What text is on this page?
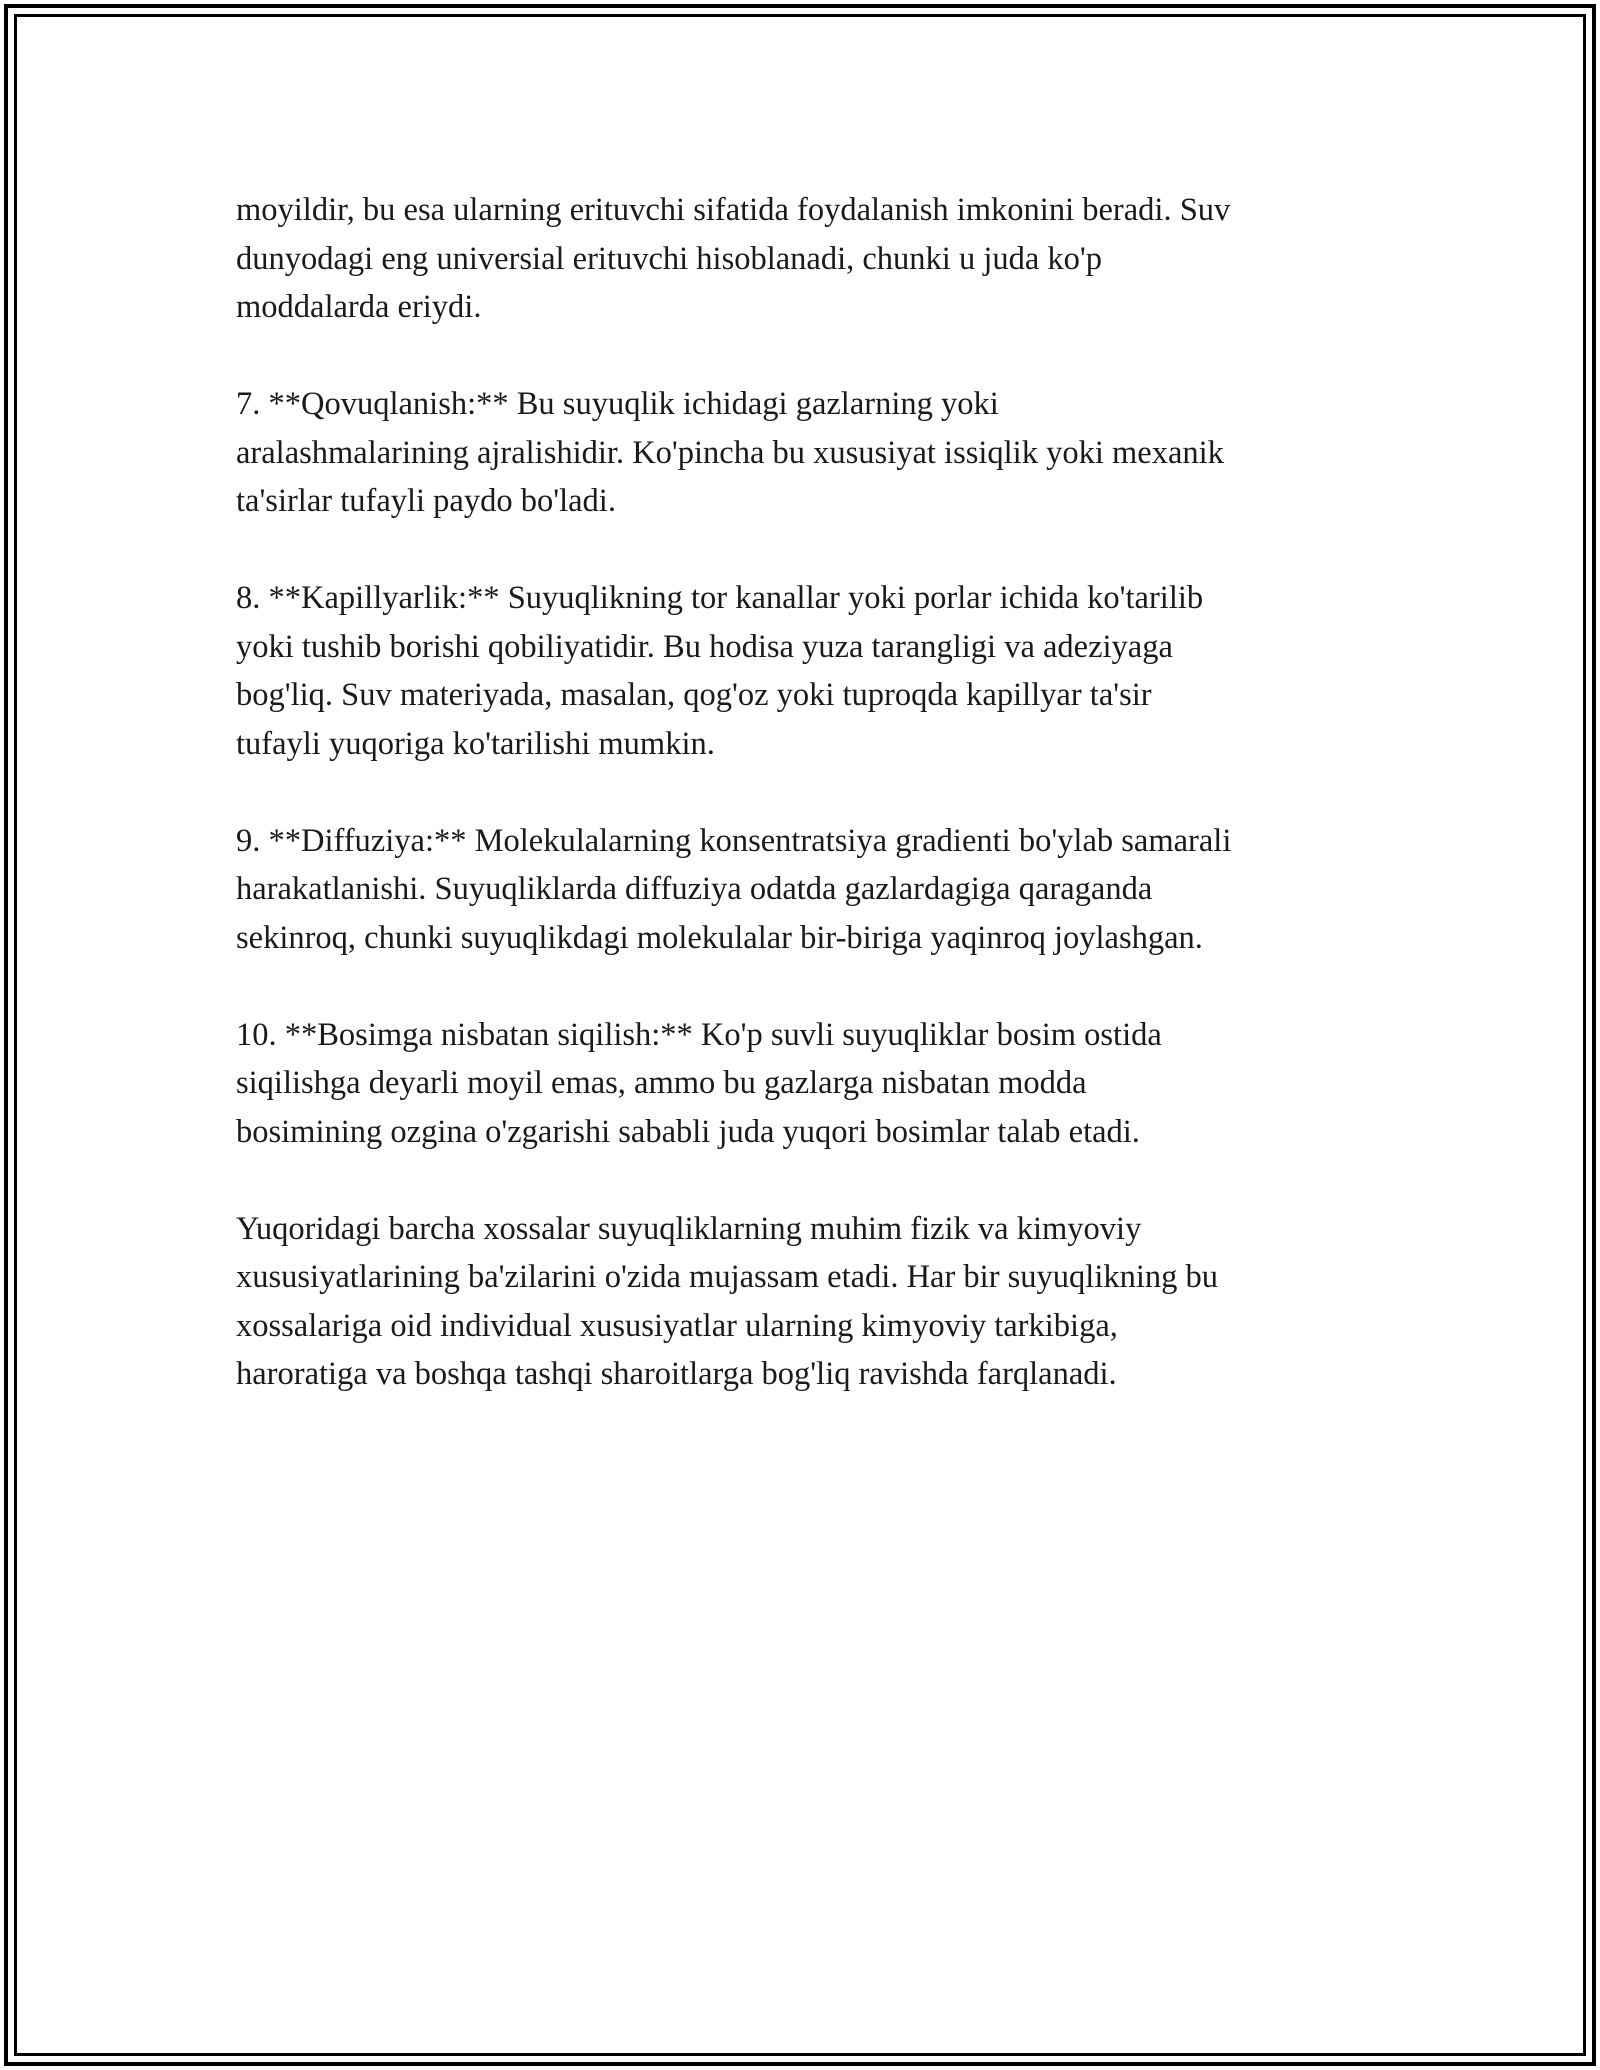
moyildir, bu esa ularning erituvchi sifatida foydalanish imkonini beradi. Suv
dunyodagi eng universial erituvchi hisoblanadi, chunki u juda ko'p
moddalarda eriydi.

7. **Qovuqlanish:** Bu suyuqlik ichidagi gazlarning yoki
aralashmalarining ajralishidir. Ko'pincha bu xususiyat issiqlik yoki mexanik
ta'sirlar tufayli paydo bo'ladi.

8. **Kapillyarlik:** Suyuqlikning tor kanallar yoki porlar ichida ko'tarilib
yoki tushib borishi qobiliyatidir. Bu hodisa yuza tarangligi va adeziyaga
bog'liq. Suv materiyada, masalan, qog'oz yoki tuproqda kapillyar ta'sir
tufayli yuqoriga ko'tarilishi mumkin.

9. **Diffuziya:** Molekulalarning konsentratsiya gradienti bo'ylab samarali
harakatlanishi. Suyuqliklarda diffuziya odatda gazlardagiga qaraganda
sekinroq, chunki suyuqlikdagi molekulalar bir-biriga yaqinroq joylashgan.

10. **Bosimga nisbatan siqilish:** Ko'p suvli suyuqliklar bosim ostida
siqilishga deyarli moyil emas, ammo bu gazlarga nisbatan modda
bosimining ozgina o'zgarishi sababli juda yuqori bosimlar talab etadi.

Yuqoridagi barcha xossalar suyuqliklarning muhim fizik va kimyoviy
xususiyatlarining ba'zilarini o'zida mujassam etadi. Har bir suyuqlikning bu
xossalariga oid individual xususiyatlar ularning kimyoviy tarkibiga,
haroratiga va boshqa tashqi sharoitlarga bog'liq ravishda farqlanadi.
